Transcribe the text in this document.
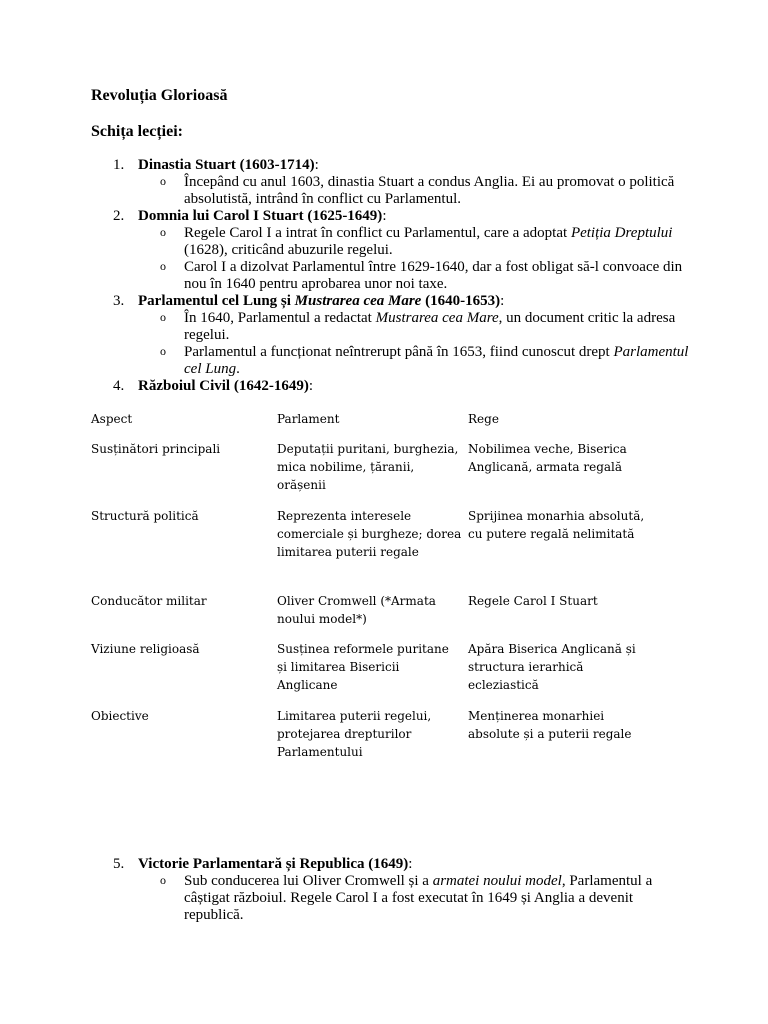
Revoluția Glorioasă
Schița lecției:
1. Dinastia Stuart (1603-1714):
o Începând cu anul 1603, dinastia Stuart a condus Anglia. Ei au promovat o politică absolutistă, intrând în conflict cu Parlamentul.
2. Domnia lui Carol I Stuart (1625-1649):
o Regele Carol I a intrat în conflict cu Parlamentul, care a adoptat Petiția Dreptului (1628), criticând abuzurile regelui.
o Carol I a dizolvat Parlamentul între 1629-1640, dar a fost obligat să-l convoace din nou în 1640 pentru aprobarea unor noi taxe.
3. Parlamentul cel Lung și Mustrarea cea Mare (1640-1653):
o În 1640, Parlamentul a redactat Mustrarea cea Mare, un document critic la adresa regelui.
o Parlamentul a funcționat neîntrerupt până în 1653, fiind cunoscut drept Parlamentul cel Lung.
4. Războiul Civil (1642-1649):
Aspect	Parlament	Rege
Susținători principali	Deputații puritani, burghezia, mica nobilime, țăranii, orășenii	Nobilimea veche, Biserica Anglicană, armata regală
Structură politică	Reprezenta interesele comerciale și burgheze; dorea limitarea puterii regale	Sprijinea monarhia absolută, cu putere regală nelimitată
Conducător militar	Oliver Cromwell (*Armata noului model*)	Regele Carol I Stuart
Viziune religioasă	Susținea reformele puritane și limitarea Bisericii Anglicane	Apăra Biserica Anglicană și structura ierarhică ecleziastică
Obiective	Limitarea puterii regelui, protejarea drepturilor Parlamentului	Menținerea monarhiei absolute și a puterii regale
5. Victorie Parlamentară și Republica (1649):
o Sub conducerea lui Oliver Cromwell și a armatei noului model, Parlamentul a câștigat războiul. Regele Carol I a fost executat în 1649 și Anglia a devenit republică.
